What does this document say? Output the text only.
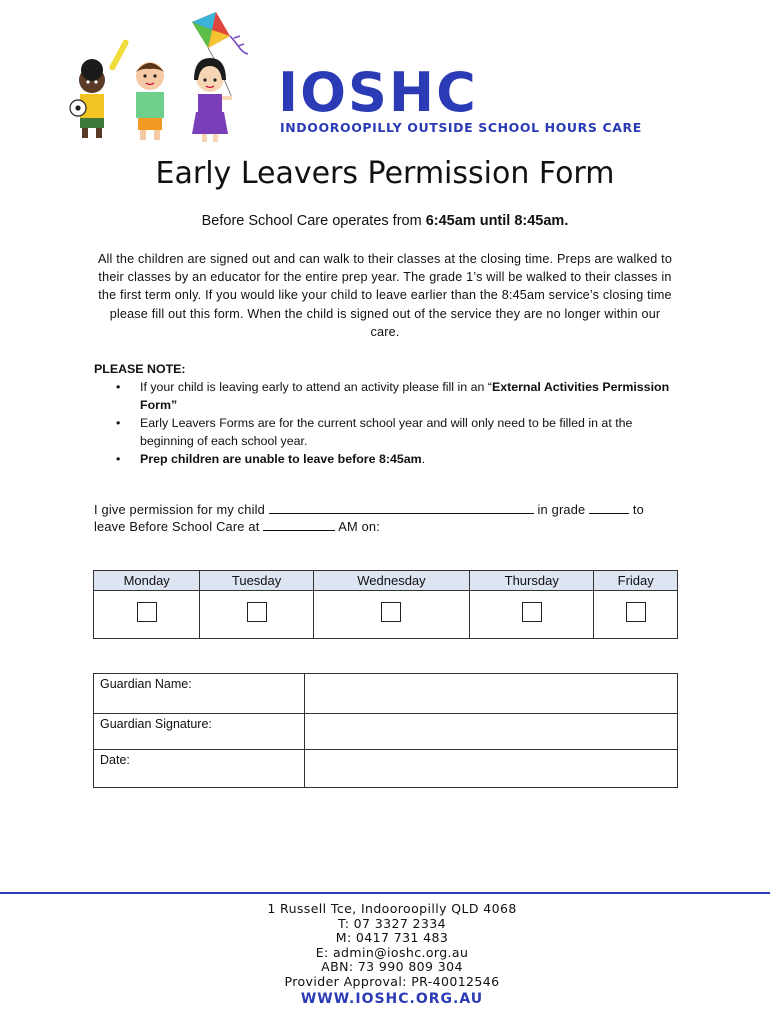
IOSHC
INDOOROOPILLY OUTSIDE SCHOOL HOURS CARE
Early Leavers Permission Form
Before School Care operates from 6:45am until 8:45am.

All the children are signed out and can walk to their classes at the closing time. Preps are walked to their classes by an educator for the entire prep year. The grade 1’s will be walked to their classes in the first term only. If you would like your child to leave earlier than the 8:45am service’s closing time please fill out this form. When the child is signed out of the service they are no longer within our care.

PLEASE NOTE:
• If your child is leaving early to attend an activity please fill in an “External Activities Permission Form”
• Early Leavers Forms are for the current school year and will only need to be filled in at the beginning of each school year.
• Prep children are unable to leave before 8:45am.
I give permission for my child	in grade	to
leave Before School Care at	AM on:
Monday	Tuesday	Wednesday	Thursday	Friday

Guardian Name:	
Guardian Signature:	
Date:	
1 Russell Tce, Indooroopilly QLD 4068
T: 07 3327 2334
M: 0417 731 483
E: admin@ioshc.org.au
ABN: 73 990 809 304
Provider Approval: PR-40012546
WWW.IOSHC.ORG.AU
